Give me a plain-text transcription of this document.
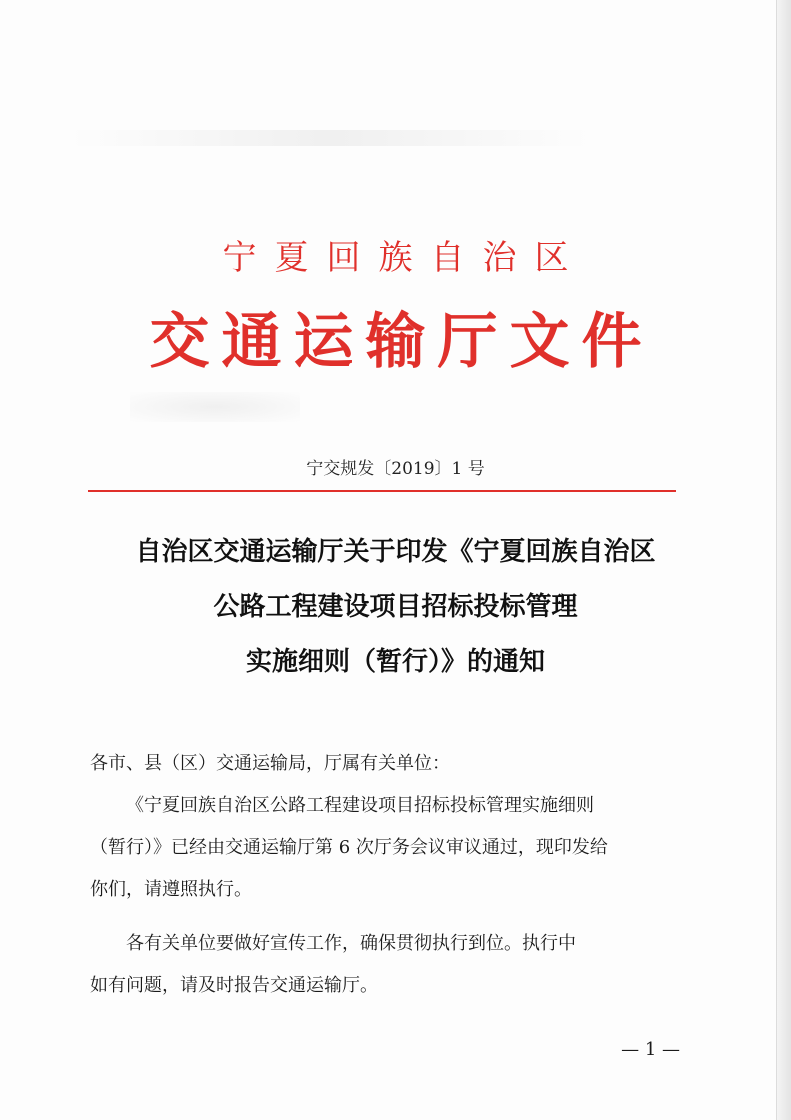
宁夏回族自治区
交通运输厅文件
宁交规发〔2019〕1 号
自治区交通运输厅关于印发《宁夏回族自治区
公路工程建设项目招标投标管理
实施细则（暂行）》的通知
各市、县（区）交通运输局，厅属有关单位：
《宁夏回族自治区公路工程建设项目招标投标管理实施细则
（暂行）》已经由交通运输厅第 6 次厅务会议审议通过，现印发给
你们，请遵照执行。
各有关单位要做好宣传工作，确保贯彻执行到位。执行中
如有问题，请及时报告交通运输厅。
— 1 —
